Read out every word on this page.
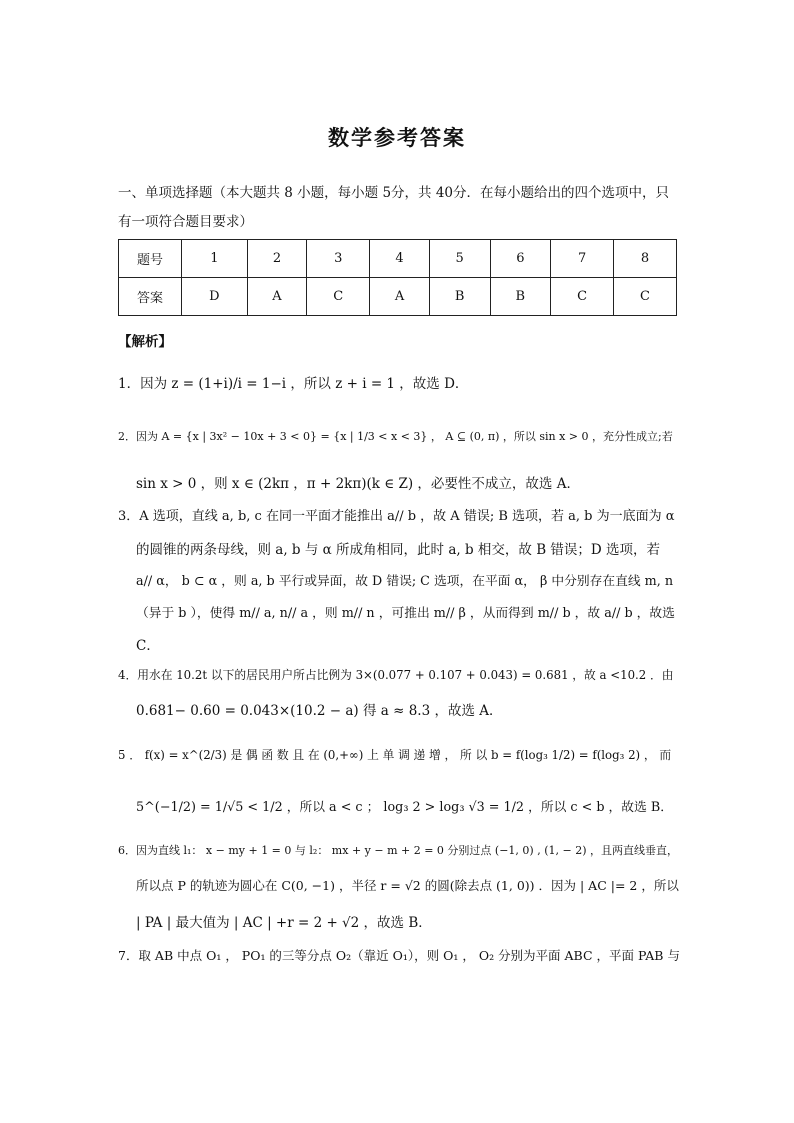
数学参考答案
一、单项选择题（本大题共 8 小题，每小题 5分，共 40分．在每小题给出的四个选项中，只
有一项符合题目要求）
题号	1	2	3	4	5	6	7	8
答案	D	A	C	A	B	B	C	C
【解析】
1．因为 z = (1+i)/i = 1−i ，所以 z + i = 1 ，故选 D．
2．因为 A = {x | 3x² − 10x + 3 < 0} = {x | 1/3 < x < 3} ， A ⊆ (0, π) ，所以 sin x > 0 ，充分性成立;若
sin x > 0 ，则 x ∈ (2kπ ，π + 2kπ)(k ∈ Z) ，必要性不成立，故选 A．
3．A 选项，直线 a, b, c 在同一平面才能推出 a// b ，故 A 错误; B 选项，若 a, b 为一底面为 α
的圆锥的两条母线，则 a, b 与 α 所成角相同，此时 a, b 相交，故 B 错误；D 选项，若
a// α， b ⊂ α ，则 a, b 平行或异面，故 D 错误; C 选项，在平面 α， β 中分别存在直线 m, n
（异于 b ），使得 m// a, n// a ，则 m// n ，可推出 m// β ，从而得到 m// b ，故 a// b ，故选
C．
4．用水在 10.2t 以下的居民用户所占比例为 3×(0.077 + 0.107 + 0.043) = 0.681 ，故 a <10.2 ．由
0.681− 0.60 = 0.043×(10.2 − a) 得 a ≈ 8.3 ，故选 A．
5 ． f(x) = x^(2/3) 是 偶 函 数 且 在 (0,+∞) 上 单 调 递 增 ， 所 以 b = f(log₃ 1/2) = f(log₃ 2) ， 而
5^(−1/2) = 1/√5 < 1/2 ，所以 a < c ； log₃ 2 > log₃ √3 = 1/2 ，所以 c < b ，故选 B．
6．因为直线 l₁： x − my + 1 = 0 与 l₂： mx + y − m + 2 = 0 分别过点 (−1, 0) , (1, − 2) ，且两直线垂直，
所以点 P 的轨迹为圆心在 C(0, −1) ，半径 r = √2 的圆(除去点 (1, 0)) ．因为 | AC |= 2 ，所以
| PA | 最大值为 | AC | +r = 2 + √2 ，故选 B．
7．取 AB 中点 O₁ ， PO₁ 的三等分点 O₂（靠近 O₁），则 O₁ ， O₂ 分别为平面 ABC ，平面 PAB 与
